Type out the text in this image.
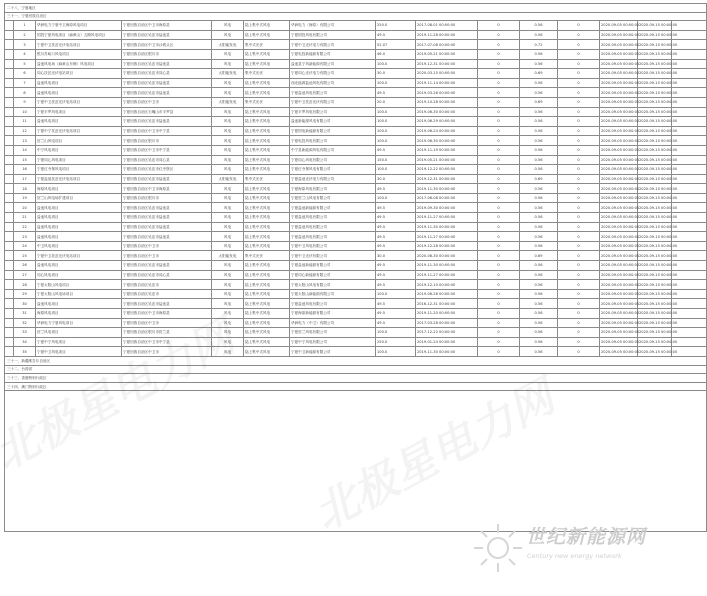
二十八、宁夏地区														
三十一、宁夏回族自治区														
	1	华润电力宁夏中卫海原风电项目	宁夏回族自治区中卫市海原县	风电	陆上集中式风电	华润电力（海原）有限公司	250.0	2017-08-01 00:00:00	0	0.56	0	2020-09-05 00:00:00	2020-09-15 00:00:00	
	2	国投宁夏风电项目（麻黄山）五期风电项目	宁夏回族自治区吴忠市盐池县	风电	陆上集中式风电	宁夏国投风电有限公司	49.5	2019-11-28 00:00:00	0	0.56	0	2020-09-05 00:00:00	2020-09-15 00:00:00	
	3	宁夏中卫扶贫光伏电站项目	宁夏回族自治区中卫市沙坡头区	太阳能发电	集中式光伏	宁夏中卫光伏电力有限公司	52.07	2017-07-08 00:00:00	0	0.72	0	2020-09-05 00:00:00	2020-09-15 00:00:00	
	4	银川苏峪口风电项目	宁夏回族自治区银川市	风电	陆上集中式风电	宁夏电投新能源有限公司	46.0	2019-05-21 00:00:00	0	0.56	0	2020-09-05 00:00:00	2020-09-15 00:00:00	
	5	盐池风电场（麻黄山东侧）风电项目	宁夏回族自治区吴忠市盐池县	风电	陆上集中式风电	盐池县宁风新能源有限公司	100.0	2019-12-31 00:00:00	0	0.56	0	2020-09-05 00:00:00	2020-09-15 00:00:00	
	6	同心扶贫光伏电站项目	宁夏回族自治区吴忠市同心县	太阳能发电	集中式光伏	宁夏同心光伏电力有限公司	30.0	2020-03-15 00:00:00	0	0.69	0	2020-09-05 00:00:00	2020-09-15 00:00:00	
	7	盐池风电项目	宁夏回族自治区吴忠市盐池县	风电	陆上集中式风电	西北能源盐池风电有限公司	100.0	2019-11-14 00:00:00	0	0.56	0	2020-09-05 00:00:00	2020-09-15 00:00:00	
	8	盐池风电项目	宁夏回族自治区吴忠市盐池县	风电	陆上集中式风电	宁夏盐池风电有限公司	49.5	2019-03-26 00:00:00	0	0.56	0	2020-09-05 00:00:00	2020-09-15 00:00:00	
	9	宁夏中卫扶贫光伏电站项目	宁夏回族自治区中卫市	太阳能发电	集中式光伏	宁夏中卫扶贫光伏有限公司	20.0	2019-10-28 00:00:00	0	0.69	0	2020-09-05 00:00:00	2020-09-15 00:00:00	
	10	宁夏平罗风电项目	宁夏回族自治区石嘴山市平罗县	风电	陆上集中式风电	宁夏平罗风电有限公司	100.0	2019-06-30 00:00:00	0	0.56	0	2020-09-05 00:00:00	2020-09-15 00:00:00	
	11	盐池风电项目	宁夏回族自治区吴忠市盐池县	风电	陆上集中式风电	盐池新能源风电有限公司	100.0	2019-06-29 00:00:00	0	0.56	0	2020-09-05 00:00:00	2020-09-15 00:00:00	
	12	宁夏中宁扶贫光伏电站项目	宁夏回族自治区中卫市中宁县	风电	陆上集中式风电	宁夏国电新能源有限公司	100.0	2019-06-24 00:00:00	0	0.56	0	2020-09-05 00:00:00	2020-09-15 00:00:00	
	13	贺兰山风电项目	宁夏回族自治区银川市	风电	陆上集中式风电	宁夏电投风电有限公司	100.0	2019-06-30 00:00:00	0	0.56	0	2020-09-05 00:00:00	2020-09-15 00:00:00	
	14	中宁风电项目	宁夏回族自治区中卫市中宁县	风电	陆上集中式风电	中宁县新能源风电有限公司	49.5	2019-11-19 00:00:00	0	0.56	0	2020-09-05 00:00:00	2020-09-15 00:00:00	
	15	宁夏同心风电项目	宁夏回族自治区吴忠市同心县	风电	陆上集中式风电	宁夏同心风电有限公司	150.0	2019-05-21 00:00:00	0	0.56	0	2020-09-05 00:00:00	2020-09-15 00:00:00	
	16	宁夏红寺堡风电项目	宁夏回族自治区吴忠市红寺堡区	风电	陆上集中式风电	宁夏红寺堡风电有限公司	100.0	2019-12-22 00:00:00	0	0.56	0	2020-09-05 00:00:00	2020-09-15 00:00:00	
	17	宁夏盐池扶贫光伏电站项目	宁夏回族自治区吴忠市盐池县	太阳能发电	集中式光伏	宁夏盐池光伏电力有限公司	30.0	2019-12-31 00:00:00	0	0.69	0	2020-09-05 00:00:00	2020-09-15 00:00:00	
	18	海原风电项目	宁夏回族自治区中卫市海原县	风电	陆上集中式风电	宁夏海原风电有限公司	49.5	2019-11-30 00:00:00	0	0.56	0	2020-09-05 00:00:00	2020-09-15 00:00:00	
	19	贺兰山风电场扩建项目	宁夏回族自治区银川市	风电	陆上集中式风电	宁夏贺兰山风电有限公司	100.0	2017-06-08 00:00:00	0	0.56	0	2020-09-05 00:00:00	2020-09-15 00:00:00	
	20	盐池风电项目	宁夏回族自治区吴忠市盐池县	风电	陆上集中式风电	宁夏盐池新能源有限公司	49.5	2019-09-30 00:00:00	0	0.56	0	2020-09-05 00:00:00	2020-09-15 00:00:00	
	21	盐池风电项目	宁夏回族自治区吴忠市盐池县	风电	陆上集中式风电	宁夏盐池风电有限公司	49.5	2019-11-27 00:00:00	0	0.56	0	2020-09-05 00:00:00	2020-09-15 00:00:00	
	22	盐池风电项目	宁夏回族自治区吴忠市盐池县	风电	陆上集中式风电	宁夏盐池风电有限公司	49.5	2019-11-30 00:00:00	0	0.56	0	2020-09-05 00:00:00	2020-09-15 00:00:00	
	23	盐池风电项目	宁夏回族自治区吴忠市盐池县	风电	陆上集中式风电	宁夏盐池风电有限公司	49.5	2019-11-27 00:00:00	0	0.56	0	2020-09-05 00:00:00	2020-09-15 00:00:00	
	24	中卫风电项目	宁夏回族自治区中卫市	风电	陆上集中式风电	宁夏中卫风电有限公司	49.5	2019-12-28 00:00:00	0	0.56	0	2020-09-05 00:00:00	2020-09-15 00:00:00	
	25	宁夏中卫扶贫光伏电站项目	宁夏回族自治区中卫市	太阳能发电	集中式光伏	宁夏中卫光伏有限公司	30.0	2020-06-30 00:00:00	0	0.69	0	2020-09-05 00:00:00	2020-09-15 00:00:00	
	26	盐池风电项目	宁夏回族自治区吴忠市盐池县	风电	陆上集中式风电	宁夏盐池新能源有限公司	49.5	2019-11-30 00:00:00	0	0.56	0	2020-09-05 00:00:00	2020-09-15 00:00:00	
	27	同心风电项目	宁夏回族自治区吴忠市同心县	风电	陆上集中式风电	宁夏同心新能源有限公司	49.5	2019-11-27 00:00:00	0	0.56	0	2020-09-05 00:00:00	2020-09-15 00:00:00	
	28	宁夏太阳山风电项目	宁夏回族自治区吴忠市	风电	陆上集中式风电	宁夏太阳山风电有限公司	49.5	2019-12-10 00:00:00	0	0.56	0	2020-09-05 00:00:00	2020-09-15 00:00:00	
	29	宁夏太阳山风电场项目	宁夏回族自治区吴忠市	风电	陆上集中式风电	宁夏太阳山新能源有限公司	100.0	2019-06-26 00:00:00	0	0.56	0	2020-09-05 00:00:00	2020-09-15 00:00:00	
	30	盐池风电项目	宁夏回族自治区吴忠市盐池县	风电	陆上集中式风电	宁夏盐池风电有限公司	49.5	2016-12-31 00:00:00	0	0.56	0	2020-09-05 00:00:00	2020-09-15 00:00:00	
	31	海原风电项目	宁夏回族自治区中卫市海原县	风电	陆上集中式风电	宁夏海原新能源有限公司	49.5	2019-11-20 00:00:00	0	0.56	0	2020-09-05 00:00:00	2020-09-15 00:00:00	
	32	华润电力宁夏风电项目	宁夏回族自治区中卫市	风电	陆上集中式风电	华润电力（中卫）有限公司	49.5	2017-03-28 00:00:00	0	0.56	0	2020-09-05 00:00:00	2020-09-15 00:00:00	
	33	贺兰风电项目	宁夏回族自治区银川市贺兰县	风电	陆上集中式风电	宁夏贺兰风电有限公司	100.0	2017-12-22 00:00:00	0	0.56	0	2020-09-05 00:00:00	2020-09-15 00:00:00	
	34	宁夏中宁风电项目	宁夏回族自治区中卫市中宁县	风电	陆上集中式风电	宁夏中宁风电有限公司	250.0	2019-01-24 00:00:00	0	0.56	0	2020-09-05 00:00:00	2020-09-15 00:00:00	
	35	宁夏中卫风电项目	宁夏回族自治区中卫市	风电	陆上集中式风电	宁夏中卫新能源有限公司	100.0	2019-11-30 00:00:00	0	0.56	0	2020-09-05 00:00:00	2020-09-15 00:00:00	
三十一、新疆维吾尔自治区														
三十二、台湾省														
三十三、香港特别行政区														
三十四、澳门特别行政区														

世纪新能源网
Century new energy network
